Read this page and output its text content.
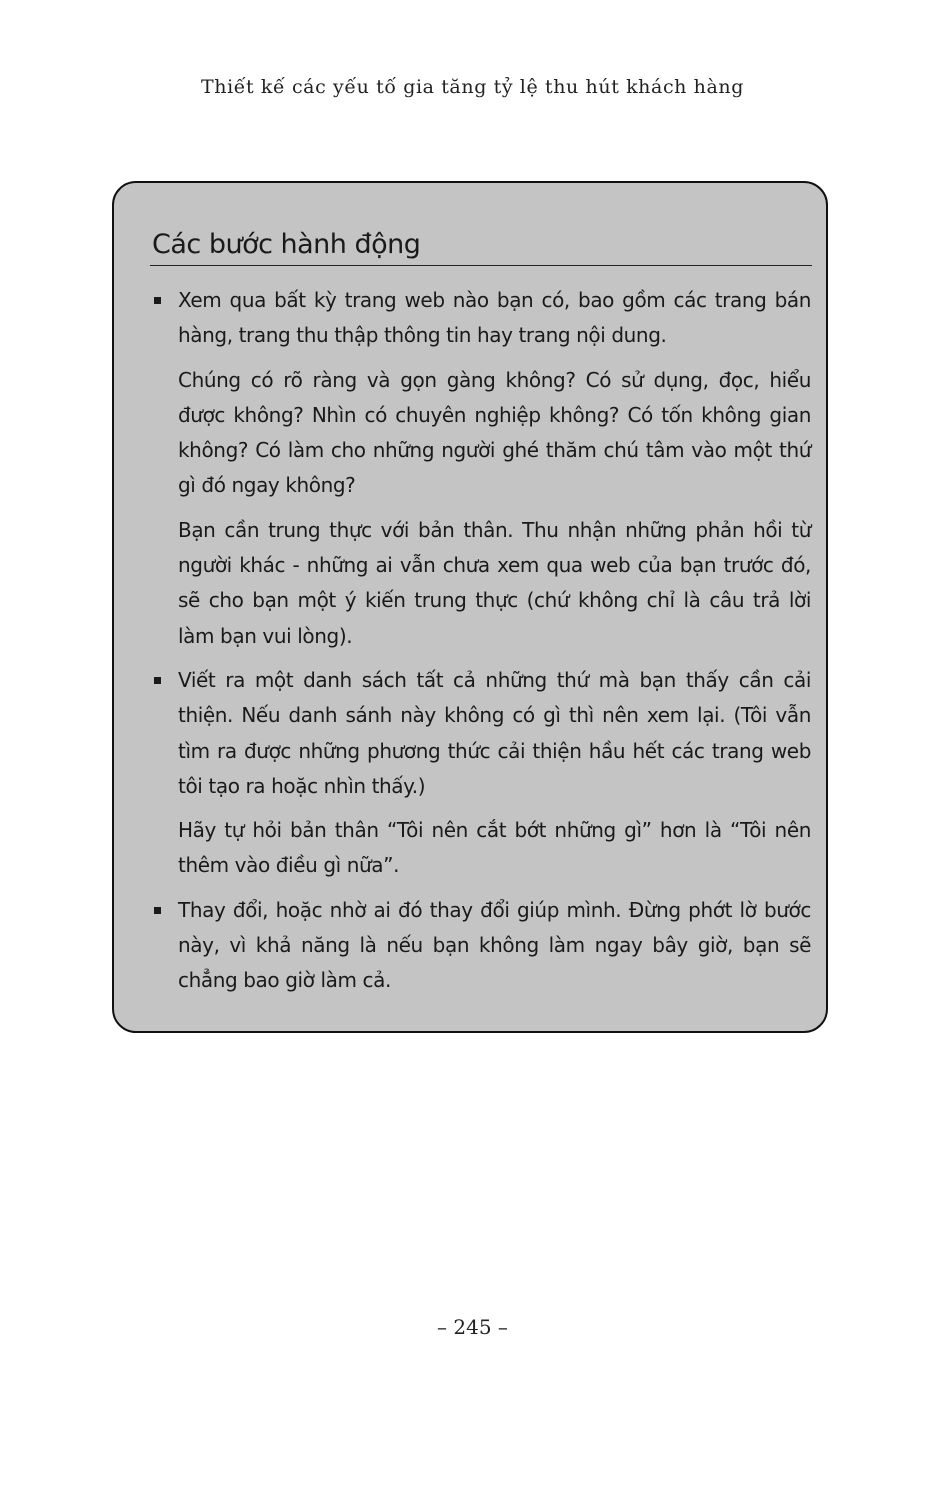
Thiết kế các yếu tố gia tăng tỷ lệ thu hút khách hàng
Các bước hành động

Xem qua bất kỳ trang web nào bạn có, bao gồm các trang bán hàng, trang thu thập thông tin hay trang nội dung.

Chúng có rõ ràng và gọn gàng không? Có sử dụng, đọc, hiểu được không? Nhìn có chuyên nghiệp không? Có tốn không gian không? Có làm cho những người ghé thăm chú tâm vào một thứ gì đó ngay không?

Bạn cần trung thực với bản thân. Thu nhận những phản hồi từ người khác - những ai vẫn chưa xem qua web của bạn trước đó, sẽ cho bạn một ý kiến trung thực (chứ không chỉ là câu trả lời làm bạn vui lòng).

Viết ra một danh sách tất cả những thứ mà bạn thấy cần cải thiện. Nếu danh sánh này không có gì thì nên xem lại. (Tôi vẫn tìm ra được những phương thức cải thiện hầu hết các trang web tôi tạo ra hoặc nhìn thấy.)

Hãy tự hỏi bản thân “Tôi nên cắt bớt những gì” hơn là “Tôi nên thêm vào điều gì nữa”.

Thay đổi, hoặc nhờ ai đó thay đổi giúp mình. Đừng phớt lờ bước này, vì khả năng là nếu bạn không làm ngay bây giờ, bạn sẽ chẳng bao giờ làm cả.

– 245 –
